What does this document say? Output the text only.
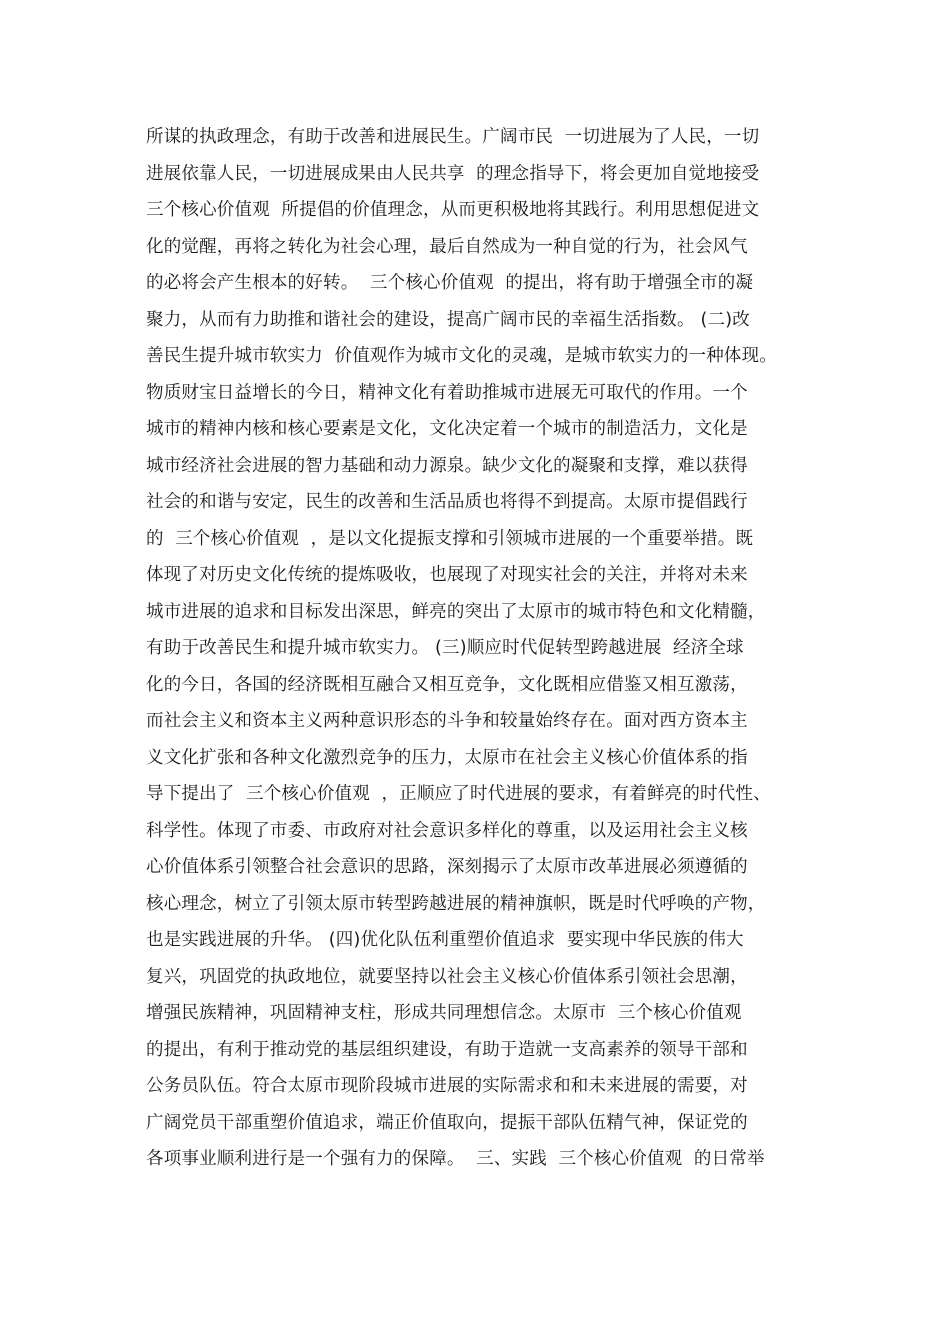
所谋的执政理念，有助于改善和进展民生。广阔市民  一切进展为了人民，一切
进展依靠人民，一切进展成果由人民共享  的理念指导下，将会更加自觉地接受
三个核心价值观  所提倡的价值理念，从而更积极地将其践行。利用思想促进文
化的觉醒，再将之转化为社会心理，最后自然成为一种自觉的行为，社会风气
的必将会产生根本的好转。  三个核心价值观  的提出，将有助于增强全市的凝
聚力，从而有力助推和谐社会的建设，提高广阔市民的幸福生活指数。 (二)改
善民生提升城市软实力  价值观作为城市文化的灵魂，是城市软实力的一种体现。
物质财宝日益增长的今日，精神文化有着助推城市进展无可取代的作用。一个
城市的精神内核和核心要素是文化，文化决定着一个城市的制造活力，文化是
城市经济社会进展的智力基础和动力源泉。缺少文化的凝聚和支撑，难以获得
社会的和谐与安定，民生的改善和生活品质也将得不到提高。太原市提倡践行
的  三个核心价值观  ，是以文化提振支撑和引领城市进展的一个重要举措。既
体现了对历史文化传统的提炼吸收，也展现了对现实社会的关注，并将对未来
城市进展的追求和目标发出深思，鲜亮的突出了太原市的城市特色和文化精髓，
有助于改善民生和提升城市软实力。 (三)顺应时代促转型跨越进展  经济全球
化的今日，各国的经济既相互融合又相互竞争，文化既相应借鉴又相互激荡，
而社会主义和资本主义两种意识形态的斗争和较量始终存在。面对西方资本主
义文化扩张和各种文化激烈竞争的压力，太原市在社会主义核心价值体系的指
导下提出了  三个核心价值观  ，正顺应了时代进展的要求，有着鲜亮的时代性、
科学性。体现了市委、市政府对社会意识多样化的尊重，以及运用社会主义核
心价值体系引领整合社会意识的思路，深刻揭示了太原市改革进展必须遵循的
核心理念，树立了引领太原市转型跨越进展的精神旗帜，既是时代呼唤的产物，
也是实践进展的升华。 (四)优化队伍利重塑价值追求  要实现中华民族的伟大
复兴，巩固党的执政地位，就要坚持以社会主义核心价值体系引领社会思潮，
增强民族精神，巩固精神支柱，形成共同理想信念。太原市  三个核心价值观
的提出，有利于推动党的基层组织建设，有助于造就一支高素养的领导干部和
公务员队伍。符合太原市现阶段城市进展的实际需求和和未来进展的需要，对
广阔党员干部重塑价值追求，端正价值取向，提振干部队伍精气神，保证党的
各项事业顺利进行是一个强有力的保障。  三、实践  三个核心价值观  的日常举
